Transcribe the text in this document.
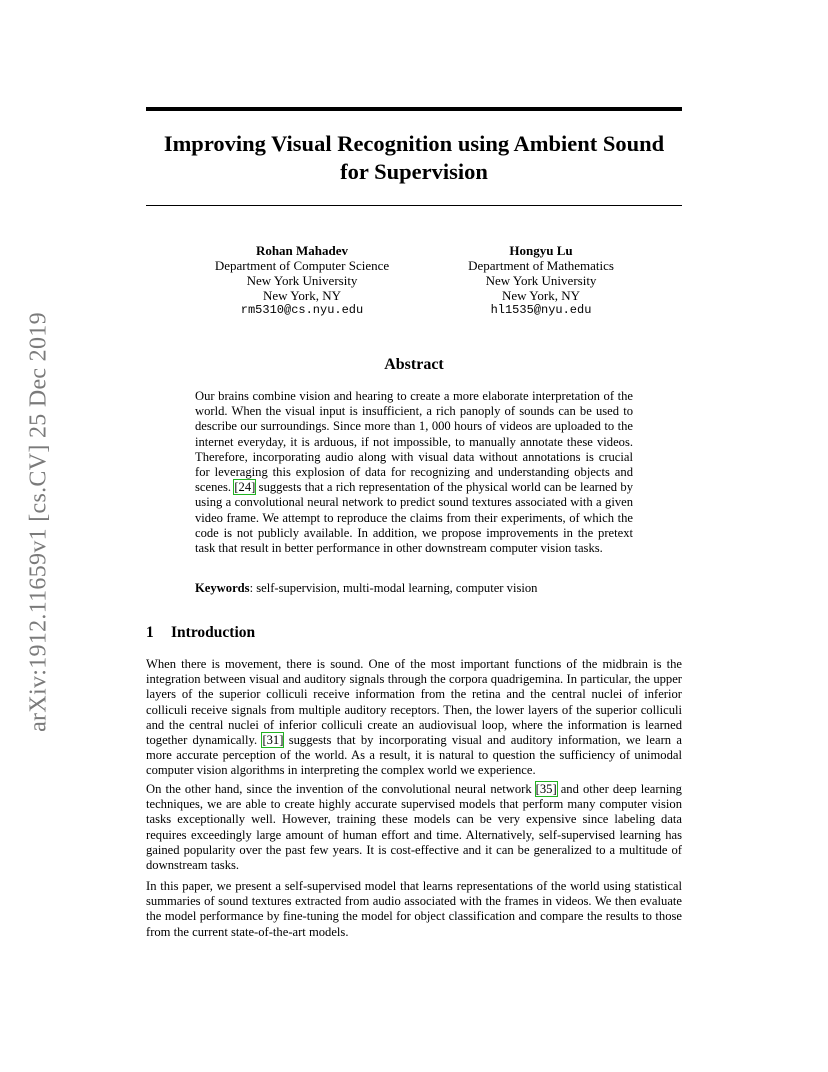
arXiv:1912.11659v1 [cs.CV] 25 Dec 2019
Improving Visual Recognition using Ambient Sound
for Supervision
Rohan Mahadev
Department of Computer Science
New York University
New York, NY
rm5310@cs.nyu.edu
Hongyu Lu
Department of Mathematics
New York University
New York, NY
hl1535@nyu.edu
Abstract
Our brains combine vision and hearing to create a more elaborate interpretation of the world. When the visual input is insufficient, a rich panoply of sounds can be used to describe our surroundings. Since more than 1, 000 hours of videos are uploaded to the internet everyday, it is arduous, if not impossible, to manually annotate these videos. Therefore, incorporating audio along with visual data without annotations is crucial for leveraging this explosion of data for recognizing and understanding objects and scenes. [24] suggests that a rich representation of the physical world can be learned by using a convolutional neural network to predict sound textures associated with a given video frame. We attempt to reproduce the claims from their experiments, of which the code is not publicly available. In addition, we propose improvements in the pretext task that result in better performance in other downstream computer vision tasks.
Keywords: self-supervision, multi-modal learning, computer vision
1 Introduction
When there is movement, there is sound. One of the most important functions of the midbrain is the integration between visual and auditory signals through the corpora quadrigemina. In particular, the upper layers of the superior colliculi receive information from the retina and the central nuclei of inferior colliculi receive signals from multiple auditory receptors. Then, the lower layers of the superior colliculi and the central nuclei of inferior colliculi create an audiovisual loop, where the information is learned together dynamically. [31] suggests that by incorporating visual and auditory information, we learn a more accurate perception of the world. As a result, it is natural to question the sufficiency of unimodal computer vision algorithms in interpreting the complex world we experience.
On the other hand, since the invention of the convolutional neural network [35] and other deep learning techniques, we are able to create highly accurate supervised models that perform many computer vision tasks exceptionally well. However, training these models can be very expensive since labeling data requires exceedingly large amount of human effort and time. Alternatively, self-supervised learning has gained popularity over the past few years. It is cost-effective and it can be generalized to a multitude of downstream tasks.
In this paper, we present a self-supervised model that learns representations of the world using statistical summaries of sound textures extracted from audio associated with the frames in videos. We then evaluate the model performance by fine-tuning the model for object classification and compare the results to those from the current state-of-the-art models.
